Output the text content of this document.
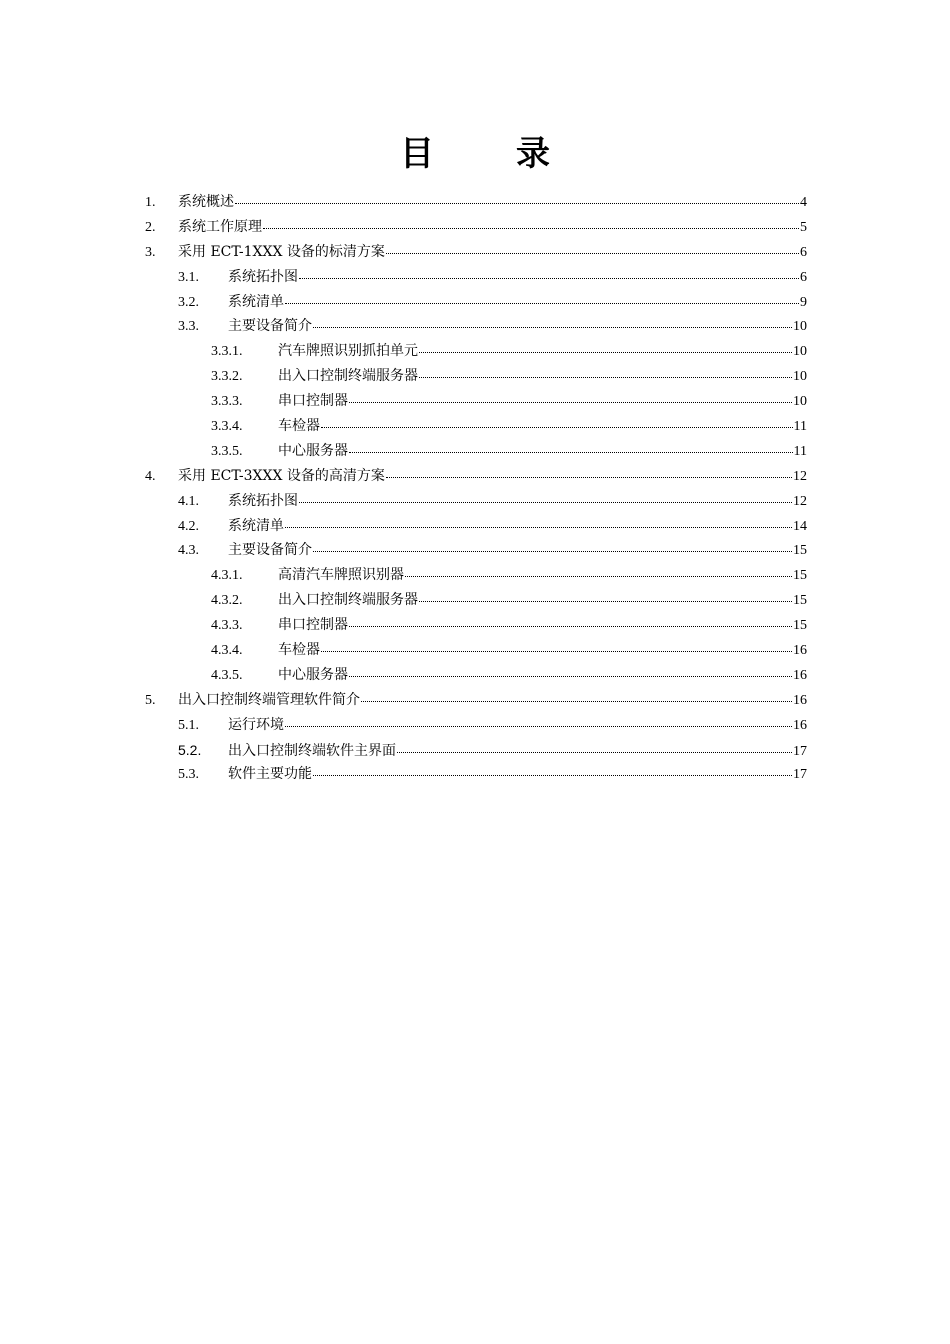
目　录
1.	系统概述	4
2.	系统工作原理	5
3.	采用 ECT-1XXX 设备的标清方案	6
3.1.	系统拓扑图	6
3.2.	系统清单	9
3.3.	主要设备简介	10
3.3.1.	汽车牌照识别抓拍单元	10
3.3.2.	出入口控制终端服务器	10
3.3.3.	串口控制器	10
3.3.4.	车检器	11
3.3.5.	中心服务器	11
4.	采用 ECT-3XXX 设备的高清方案	12
4.1.	系统拓扑图	12
4.2.	系统清单	14
4.3.	主要设备简介	15
4.3.1.	高清汽车牌照识别器	15
4.3.2.	出入口控制终端服务器	15
4.3.3.	串口控制器	15
4.3.4.	车检器	16
4.3.5.	中心服务器	16
5.	出入口控制终端管理软件简介	16
5.1.	运行环境	16
5.2.	出入口控制终端软件主界面	17
5.3.	软件主要功能	17
